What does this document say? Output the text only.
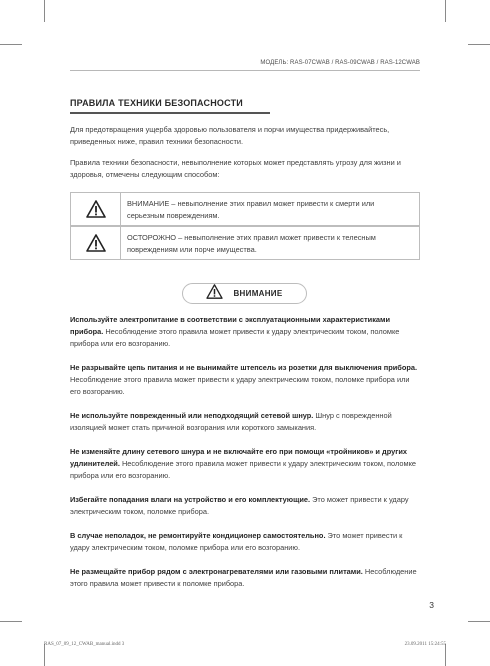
МОДЕЛЬ: RAS-07CWAB / RAS-09CWAB / RAS-12CWAB
ПРАВИЛА ТЕХНИКИ БЕЗОПАСНОСТИ
Для предотвращения ущерба здоровью пользователя и порчи имущества придерживайтесь, приведенных ниже, правил техники безопасности.
Правила техники безопасности, невыполнение которых может представлять угрозу для жизни и здоровья, отмечены следующим способом:
ВНИМАНИЕ – невыполнение этих правил может привести к смерти или серьезным повреждениям.
ОСТОРОЖНО – невыполнение этих правил может привести к телесным повреждениям или порче имущества.
ВНИМАНИЕ
Используйте электропитание в соответствии с эксплуатационными характеристиками прибора. Несоблюдение этого правила может привести к удару электрическим током, поломке прибора или его возгоранию.
Не разрывайте цепь питания и не вынимайте штепсель из розетки для выключения прибора. Несоблюдение этого правила может привести к удару электрическим током, поломке прибора или его возгоранию.
Не используйте поврежденный или неподходящий сетевой шнур. Шнур с поврежденной изоляцией может стать причиной возгорания или короткого замыкания.
Не изменяйте длину сетевого шнура и не включайте его при помощи «тройников» и других удлинителей. Несоблюдение этого правила может привести к удару электрическим током, поломке прибора или его возгоранию.
Избегайте попадания влаги на устройство и его комплектующие. Это может привести к удару электрическим током, поломке прибора.
В случае неполадок, не ремонтируйте кондиционер самостоятельно. Это может привести к удару электрическим током, поломке прибора или его возгоранию.
Не размещайте прибор рядом с электронагревателями или газовыми плитами. Несоблюдение этого правила может привести к поломке прибора.
3
RAS_07_09_12_CWAB_manual.indd 3	23.09.2011 15:24:55
